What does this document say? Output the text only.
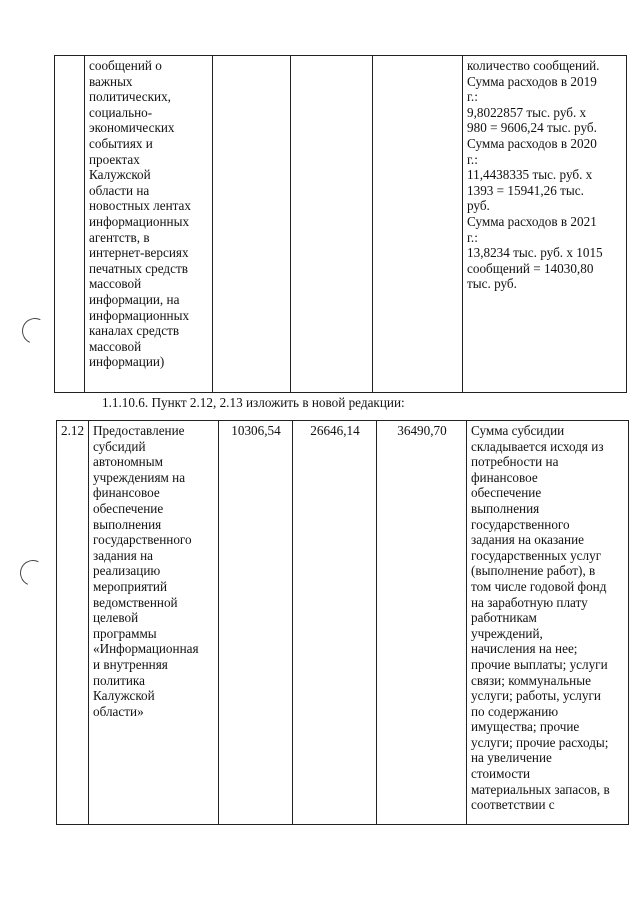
	сообщений о
важных
политических,
социально-
экономических
событиях и
проектах
Калужской
области на
новостных лентах
информационных
агентств, в
интернет-версиях
печатных средств
массовой
информации, на
информационных
каналах средств
массовой
информации)				количество сообщений.
Сумма расходов в 2019
г.:
9,8022857 тыс. руб. х
980 = 9606,24 тыс. руб.
Сумма расходов в 2020
г.:
11,4438335 тыс. руб. х
1393 = 15941,26 тыс.
руб.
Сумма расходов в 2021
г.:
13,8234 тыс. руб. х 1015
сообщений = 14030,80
тыс. руб.
1.1.10.6. Пункт 2.12, 2.13 изложить в новой редакции:
2.12	Предоставление
субсидий
автономным
учреждениям на
финансовое
обеспечение
выполнения
государственного
задания на
реализацию
мероприятий
ведомственной
целевой
программы
«Информационная
и внутренняя
политика
Калужской
области»	10306,54	26646,14	36490,70	Сумма субсидии
складывается исходя из
потребности на
финансовое
обеспечение
выполнения
государственного
задания на оказание
государственных услуг
(выполнение работ), в
том числе годовой фонд
на заработную плату
работникам
учреждений,
начисления на нее;
прочие выплаты; услуги
связи; коммунальные
услуги; работы, услуги
по содержанию
имущества; прочие
услуги; прочие расходы;
на увеличение
стоимости
материальных запасов, в
соответствии с
